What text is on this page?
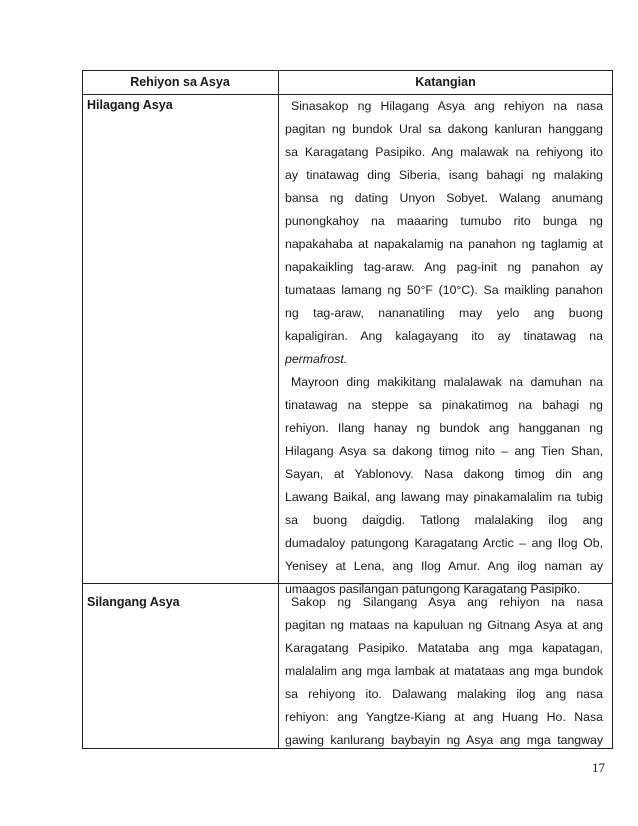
Rehiyon sa Asya	Katangian
Hilagang Asya	Sinasakop ng Hilagang Asya ang rehiyon na nasa
pagitan ng bundok Ural sa dakong kanluran hanggang
sa Karagatang Pasipiko. Ang malawak na rehiyong ito
ay tinatawag ding Siberia, isang bahagi ng malaking
bansa ng dating Unyon Sobyet. Walang anumang
punongkahoy na maaaring tumubo rito bunga ng
napakahaba at napakalamig na panahon ng taglamig at
napakaikling tag-araw. Ang pag-init ng panahon ay
tumataas lamang ng 50°F (10°C). Sa maikling panahon
ng tag-araw, nananatiling may yelo ang buong
kapaligiran. Ang kalagayang ito ay tinatawag na
permafrost.
Mayroon ding makikitang malalawak na damuhan na
tinatawag na steppe sa pinakatimog na bahagi ng
rehiyon. Ilang hanay ng bundok ang hangganan ng
Hilagang Asya sa dakong timog nito – ang Tien Shan,
Sayan, at Yablonovy. Nasa dakong timog din ang
Lawang Baikal, ang lawang may pinakamalalim na tubig
sa buong daigdig. Tatlong malalaking ilog ang
dumadaloy patungong Karagatang Arctic – ang Ilog Ob,
Yenisey at Lena, ang Ilog Amur. Ang ilog naman ay
umaagos pasilangan patungong Karagatang Pasipiko.
Silangang Asya	Sakop ng Silangang Asya ang rehiyon na nasa
pagitan ng mataas na kapuluan ng Gitnang Asya at ang
Karagatang Pasipiko. Matataba ang mga kapatagan,
malalalim ang mga lambak at matataas ang mga bundok
sa rehiyong ito. Dalawang malaking ilog ang nasa
rehiyon: ang Yangtze-Kiang at ang Huang Ho. Nasa
gawing kanlurang baybayin ng Asya ang mga tangway
17
